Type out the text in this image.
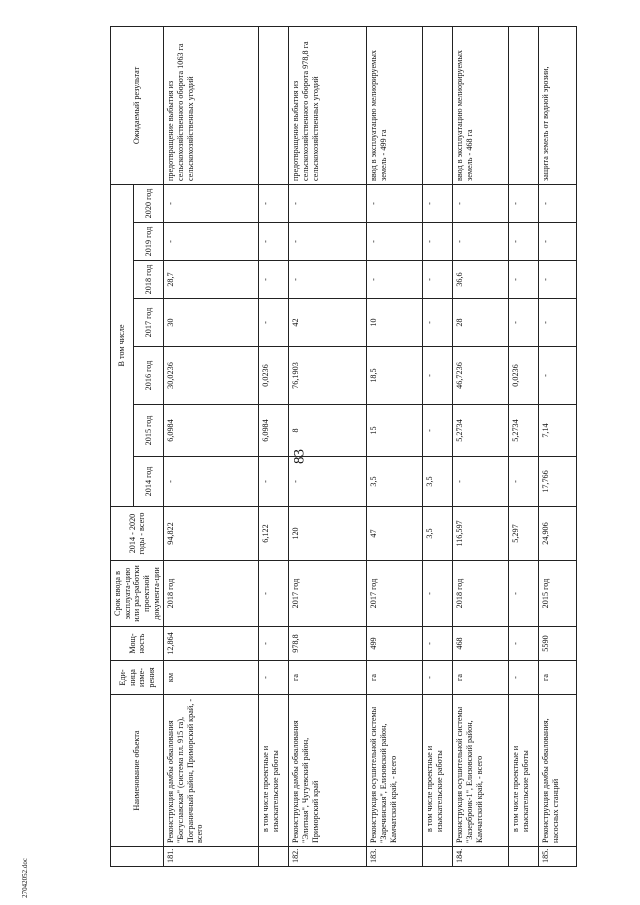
83
27042052.doc
	Наименование объекта	Еди-ница изме-рения	Мощ-ность	Срок ввода в эксплуата-цию или раз-работки проектной документа-ции	2014 - 2020 годы - всего	В том числе							Ожидаемый результат
						2014 год	2015 год	2016 год	2017 год	2018 год	2019 год	2020 год	
181.	Реконструкция дамбы обвалования "Богуславская" (система пл. 915 га), Пограничный район, Приморский край, - всего	км	12,864	2018 год	94,822	-	6,0984	30,0236	30	28,7	-	-	предотвращение выбытия из сельскохозяйственного оборота 1063 га сельскохозяйственных угодий
	в том числе проектные и изыскательские работы	-	-	-	6,122	-	6,0984	0,0236	-	-	-	-	
182.	Реконструкция дамбы обвалования "Элитная", Чугуевский район, Приморский край	га	978,8	2017 год	120	-	8	76,1903	42	-	-	-	предотвращение выбытия из сельскохозяйственного оборота 978,8 га сельскохозяйственных угодий
183.	Реконструкция осушительной системы "Заречинская", Елизовский район, Камчатский край, - всего	га	499	2017 год	47	3,5	15	18,5	10	-	-	-	ввод в эксплуатацию мелиорируемых земель - 499 га
	в том числе проектные и изыскательские работы	-	-	-	3,5	3,5	-	-	-	-	-	-	
184.	Реконструкция осушительной системы "Зазерброик-1", Елизовский район, Камчатский край, - всего	га	468	2018 год	116,597	-	5,2734	46,7236	28	36,6	-	-	ввод в эксплуатацию мелиорируемых земель - 468 га
	в том числе проектные и изыскательские работы	-	-	-	5,297	-	5,2734	0,0236	-	-	-	-	
185.	Реконструкция дамбы обвалования, насосных станций	га	5590	2015 год	24,906	17,766	7,14	-	-	-	-	-	защита земель от водной эрозии,
